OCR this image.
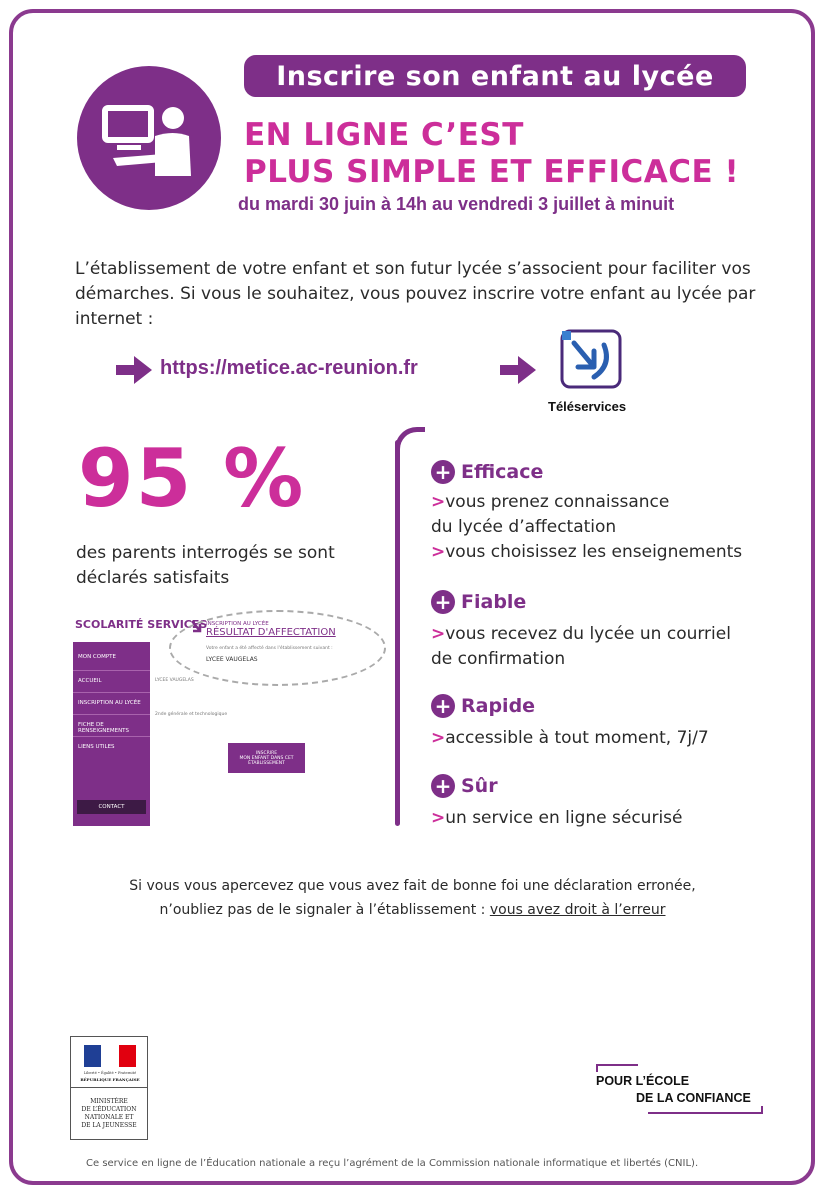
Inscrire son enfant au lycée
EN LIGNE C’EST
PLUS SIMPLE ET EFFICACE !
du mardi 30 juin à 14h au vendredi 3 juillet à minuit

L’établissement de votre enfant et son futur lycée s’associent pour faciliter vos démarches. Si vous le souhaitez, vous pouvez inscrire votre enfant au lycée par internet :

https://metice.ac-reunion.fr
Téléservices
95 %

des parents interrogés se sont déclarés satisfaits

SCOLARITÉ SERVICES
MON COMPTE
ACCUEIL
INSCRIPTION AU LYCÉE
FICHE DE RENSEIGNEMENTS
LIENS UTILES
CONTACT
INSCRIPTION AU LYCÉE
RÉSULTAT D'AFFECTATION
Votre enfant a été affecté dans l'établissement suivant :
LYCEE VAUGELAS
LYCEE VAUGELAS
2nde générale et technologique
INSCRIRE
MON ENFANT DANS CET ÉTABLISSEMENT
+ Efficace
>vous prenez connaissance
du lycée d’affectation
>vous choisissez les enseignements
+ Fiable
>vous recevez du lycée un courriel
de confirmation
+ Rapide
>accessible à tout moment, 7j/7
+ Sûr
>un service en ligne sécurisé
Si vous vous apercevez que vous avez fait de bonne foi une déclaration erronée,
n’oubliez pas de le signaler à l’établissement : vous avez droit à l’erreur
Liberté • Égalité • Fraternité
RÉPUBLIQUE FRANÇAISE
MINISTÈRE
DE L’ÉDUCATION
NATIONALE ET
DE LA JEUNESSE
POUR L’ÉCOLE
DE LA CONFIANCE
Ce service en ligne de l’Éducation nationale a reçu l’agrément de la Commission nationale informatique et libertés (CNIL).
